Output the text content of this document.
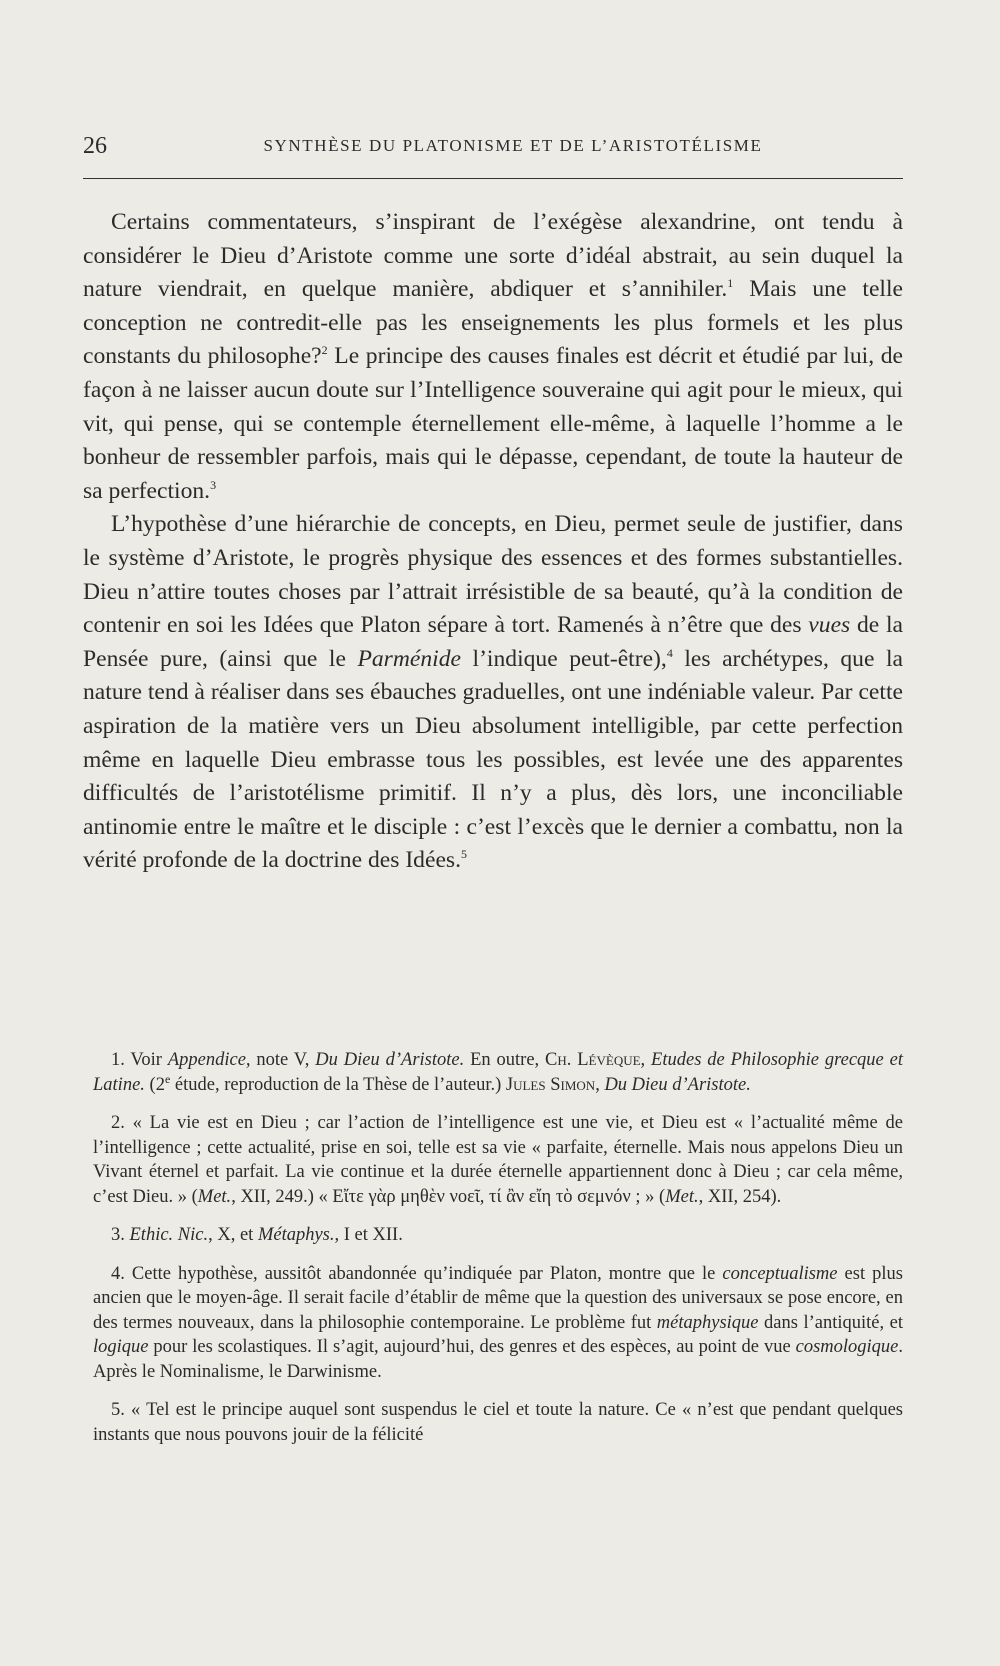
26	SYNTHÈSE DU PLATONISME ET DE L’ARISTOTÉLISME

Certains commentateurs, s’inspirant de l’exégèse alexandrine, ont tendu à considérer le Dieu d’Aristote comme une sorte d’idéal abstrait, au sein duquel la nature viendrait, en quelque manière, abdiquer et s’annihiler.$^1$ Mais une telle conception ne contredit-elle pas les enseignements les plus formels et les plus constants du philosophe?$^2$ Le principe des causes finales est décrit et étudié par lui, de façon à ne laisser aucun doute sur l’Intelligence souveraine qui agit pour le mieux, qui vit, qui pense, qui se contemple éternellement elle-même, à laquelle l’homme a le bonheur de ressembler parfois, mais qui le dépasse, cependant, de toute la hauteur de sa perfection.$^3$

L’hypothèse d’une hiérarchie de concepts, en Dieu, permet seule de justifier, dans le système d’Aristote, le progrès physique des essences et des formes substantielles. Dieu n’attire toutes choses par l’attrait irrésistible de sa beauté, qu’à la condition de contenir en soi les Idées que Platon sépare à tort. Ramenés à n’être que des vues de la Pensée pure, (ainsi que le Parménide l’indique peut-être),$^4$ les archétypes, que la nature tend à réaliser dans ses ébauches graduelles, ont une indéniable valeur. Par cette aspiration de la matière vers un Dieu absolument intelligible, par cette perfection même en laquelle Dieu embrasse tous les possibles, est levée une des apparentes difficultés de l’aristotélisme primitif. Il n’y a plus, dès lors, une inconciliable antinomie entre le maître et le disciple : c’est l’excès que le dernier a combattu, non la vérité profonde de la doctrine des Idées.$^5$

1. Voir Appendice, note V, Du Dieu d’Aristote. En outre, Ch. Lévèque, Etudes de Philosophie grecque et Latine. (2e étude, reproduction de la Thèse de l’auteur.) Jules Simon, Du Dieu d’Aristote.

2. « La vie est en Dieu ; car l’action de l’intelligence est une vie, et Dieu est « l’actualité même de l’intelligence ; cette actualité, prise en soi, telle est sa vie « parfaite, éternelle. Mais nous appelons Dieu un Vivant éternel et parfait. La vie continue et la durée éternelle appartiennent donc à Dieu ; car cela même, c’est Dieu. » (Met., XII, 249.) « Εἴτε γὰρ μηθὲν νοεῖ, τί ἂν εἴη τὸ σεμνόν ; » (Met., XII, 254).

3. Ethic. Nic., X, et Métaphys., I et XII.

4. Cette hypothèse, aussitôt abandonnée qu’indiquée par Platon, montre que le conceptualisme est plus ancien que le moyen-âge. Il serait facile d’établir de même que la question des universaux se pose encore, en des termes nouveaux, dans la philosophie contemporaine. Le problème fut métaphysique dans l’antiquité, et logique pour les scolastiques. Il s’agit, aujourd’hui, des genres et des espèces, au point de vue cosmologique. Après le Nominalisme, le Darwinisme.

5. « Tel est le principe auquel sont suspendus le ciel et toute la nature. Ce « n’est que pendant quelques instants que nous pouvons jouir de la félicité
